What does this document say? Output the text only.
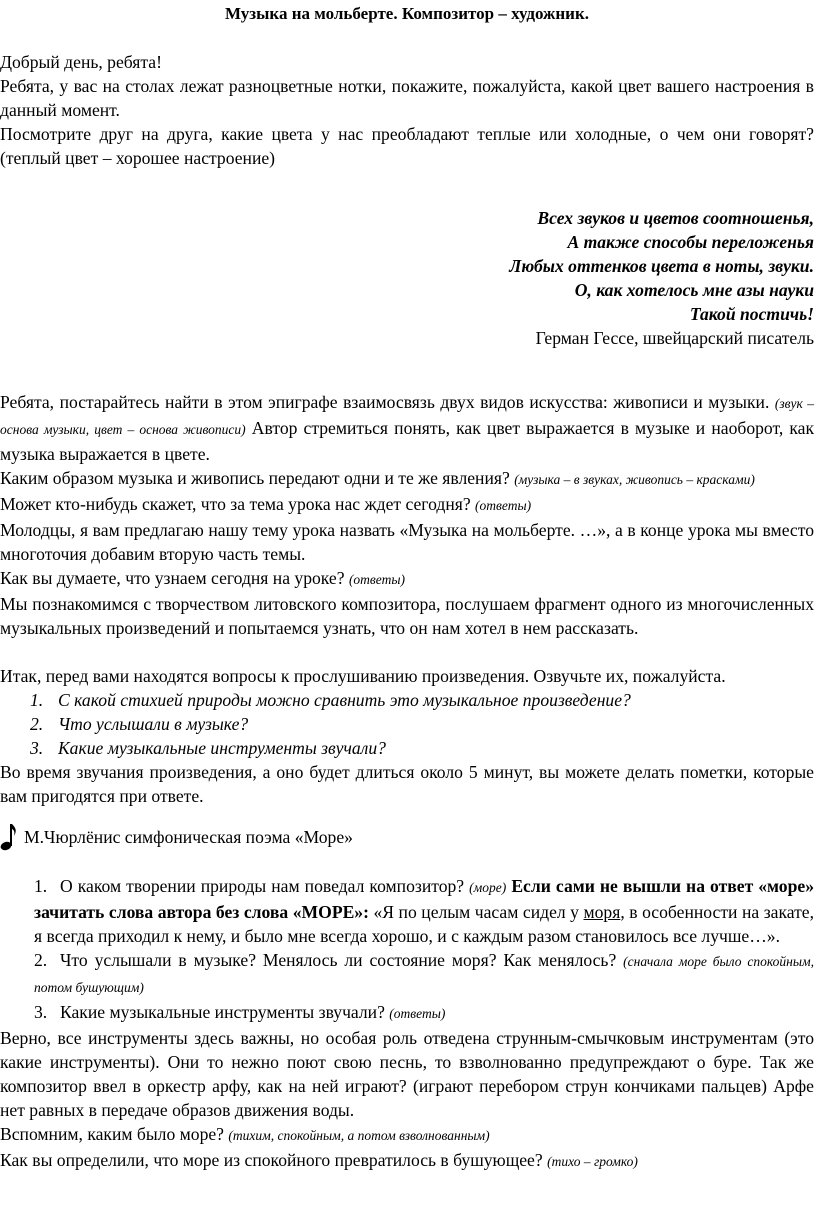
Музыка на мольберте. Композитор – художник.

Добрый день, ребята!

Ребята, у вас на столах лежат разноцветные нотки, покажите, пожалуйста, какой цвет вашего настроения в данный момент.

Посмотрите друг на друга, какие цвета у нас преобладают теплые или холодные, о чем они говорят? (теплый цвет – хорошее настроение)

Всех звуков и цветов соотношенья,

А также способы переложенья

Любых оттенков цвета в ноты, звуки.

О, как хотелось мне азы науки

Такой постичь!

Герман Гессе, швейцарский писатель

Ребята, постарайтесь найти в этом эпиграфе взаимосвязь двух видов искусства: живописи и музыки. (звук – основа музыки, цвет – основа живописи) Автор стремиться понять, как цвет выражается в музыке и наоборот, как музыка выражается в цвете.

Каким образом музыка и живопись передают одни и те же явления? (музыка – в звуках, живопись – красками)

Может кто-нибудь скажет, что за тема урока нас ждет сегодня? (ответы)

Молодцы, я вам предлагаю нашу тему урока назвать «Музыка на мольберте. …», а в конце урока мы вместо многоточия добавим вторую часть темы.

Как вы думаете, что узнаем сегодня на уроке? (ответы)

Мы познакомимся с творчеством литовского композитора, послушаем фрагмент одного из многочисленных музыкальных произведений и попытаемся узнать, что он нам хотел в нем рассказать.

Итак, перед вами находятся вопросы к прослушиванию произведения. Озвучьте их, пожалуйста.

1. С какой стихией природы можно сравнить это музыкальное произведение?
2. Что услышали в музыке?
3. Какие музыкальные инструменты звучали?

Во время звучания произведения, а оно будет длиться около 5 минут, вы можете делать пометки, которые вам пригодятся при ответе.

М.Чюрлёнис симфоническая поэма «Море»

1. О каком творении природы нам поведал композитор? (море) Если сами не вышли на ответ «море» зачитать слова автора без слова «МОРЕ»: «Я по целым часам сидел у моря, в особенности на закате, я всегда приходил к нему, и было мне всегда хорошо, и с каждым разом становилось все лучше…».

2. Что услышали в музыке? Менялось ли состояние моря? Как менялось? (сначала море было спокойным, потом бушующим)

3. Какие музыкальные инструменты звучали? (ответы)

Верно, все инструменты здесь важны, но особая роль отведена струнным-смычковым инструментам (это какие инструменты). Они то нежно поют свою песнь, то взволнованно предупреждают о буре. Так же композитор ввел в оркестр арфу, как на ней играют? (играют перебором струн кончиками пальцев) Арфе нет равных в передаче образов движения воды.

Вспомним, каким было море? (тихим, спокойным, а потом взволнованным)

Как вы определили, что море из спокойного превратилось в бушующее? (тихо – громко)
